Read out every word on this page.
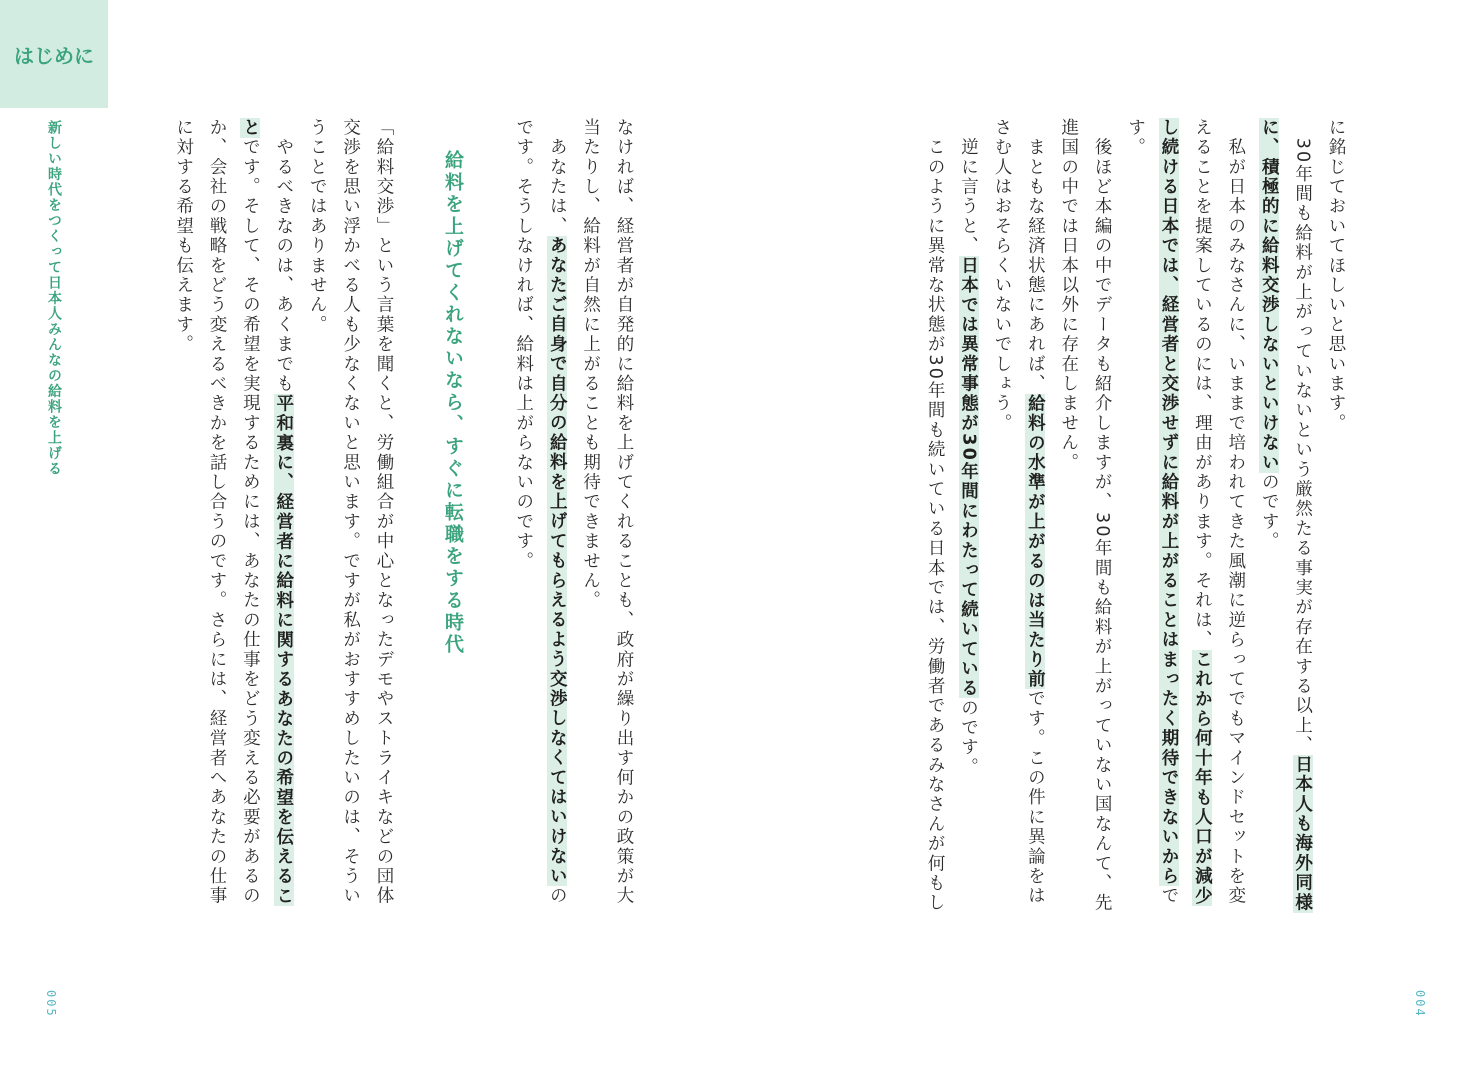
はじめに
新しい時代をつくって日本人みんなの給料を上げる
005	004

に銘じておいてほしいと思います。

　30年間も給料が上がっていないという厳然たる事実が存在する以上、日本人も海外同様に、積極的に給料交渉しないといけないのです。

　私が日本のみなさんに、いままで培われてきた風潮に逆らってでもマインドセットを変えることを提案しているのには、理由があります。それは、これから何十年も人口が減少し続ける日本では、経営者と交渉せずに給料が上がることはまったく期待できないからです。

　後ほど本編の中でデータも紹介しますが、30年間も給料が上がっていない国なんて、先進国の中では日本以外に存在しません。

　まともな経済状態にあれば、給料の水準が上がるのは当たり前です。この件に異論をはさむ人はおそらくいないでしょう。

　逆に言うと、日本では異常事態が30年間にわたって続いているのです。

　このように異常な状態が30年間も続いている日本では、労働者であるみなさんが何もし

なければ、経営者が自発的に給料を上げてくれることも、政府が繰り出す何かの政策が大当たりし、給料が自然に上がることも期待できません。

　あなたは、あなたご自身で自分の給料を上げてもらえるよう交渉しなくてはいけないのです。そうしなければ、給料は上がらないのです。

給料を上げてくれないなら、すぐに転職をする時代

「給料交渉」という言葉を聞くと、労働組合が中心となったデモやストライキなどの団体交渉を思い浮かべる人も少なくないと思います。ですが私がおすすめしたいのは、そういうことではありません。

　やるべきなのは、あくまでも平和裏に、経営者に給料に関するあなたの希望を伝えることです。そして、その希望を実現するためには、あなたの仕事をどう変える必要があるのか、会社の戦略をどう変えるべきかを話し合うのです。さらには、経営者へあなたの仕事に対する希望も伝えます。
